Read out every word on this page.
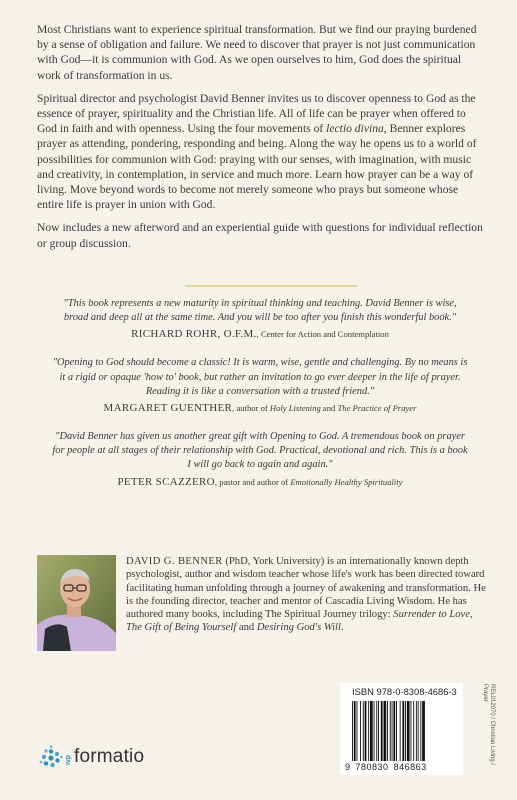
Most Christians want to experience spiritual transformation. But we find our praying burdened by a sense of obligation and failure. We need to discover that prayer is not just communication with God—it is communion with God. As we open ourselves to him, God does the spiritual work of transformation in us.

Spiritual director and psychologist David Benner invites us to discover openness to God as the essence of prayer, spirituality and the Christian life. All of life can be prayer when offered to God in faith and with openness. Using the four movements of lectio divina, Benner explores prayer as attending, pondering, responding and being. Along the way he opens us to a world of possibilities for communion with God: praying with our senses, with imagination, with music and creativity, in contemplation, in service and much more. Learn how prayer can be a way of living. Move beyond words to become not merely someone who prays but someone whose entire life is prayer in union with God.

Now includes a new afterword and an experiential guide with questions for individual reflection or group discussion.

"This book represents a new maturity in spiritual thinking and teaching. David Benner is wise, broad and deep all at the same time. And you will be too after you finish this wonderful book."
RICHARD ROHR, O.F.M., Center for Action and Contemplation
"Opening to God should become a classic! It is warm, wise, gentle and challenging. By no means is it a rigid or opaque 'how to' book, but rather an invitation to go ever deeper in the life of prayer. Reading it is like a conversation with a trusted friend."
MARGARET GUENTHER, author of Holy Listening and The Practice of Prayer
"David Benner has given us another great gift with Opening to God. A tremendous book on prayer for people at all stages of their relationship with God. Practical, devotional and rich. This is a book I will go back to again and again."
PETER SCAZZERO, pastor and author of Emotionally Healthy Spirituality
DAVID G. BENNER (PhD, York University) is an internationally known depth psychologist, author and wisdom teacher whose life's work has been directed toward facilitating human unfolding through a journey of awakening and transformation. He is the founding director, teacher and mentor of Cascadia Living Wisdom. He has authored many books, including The Spiritual Journey trilogy: Surrender to Love, The Gift of Being Yourself and Desiring God's Will.
ivp formatio
ISBN 978-0-8308-4686-3
9 780830 846863
REL012070 / Christian Living / Prayer
